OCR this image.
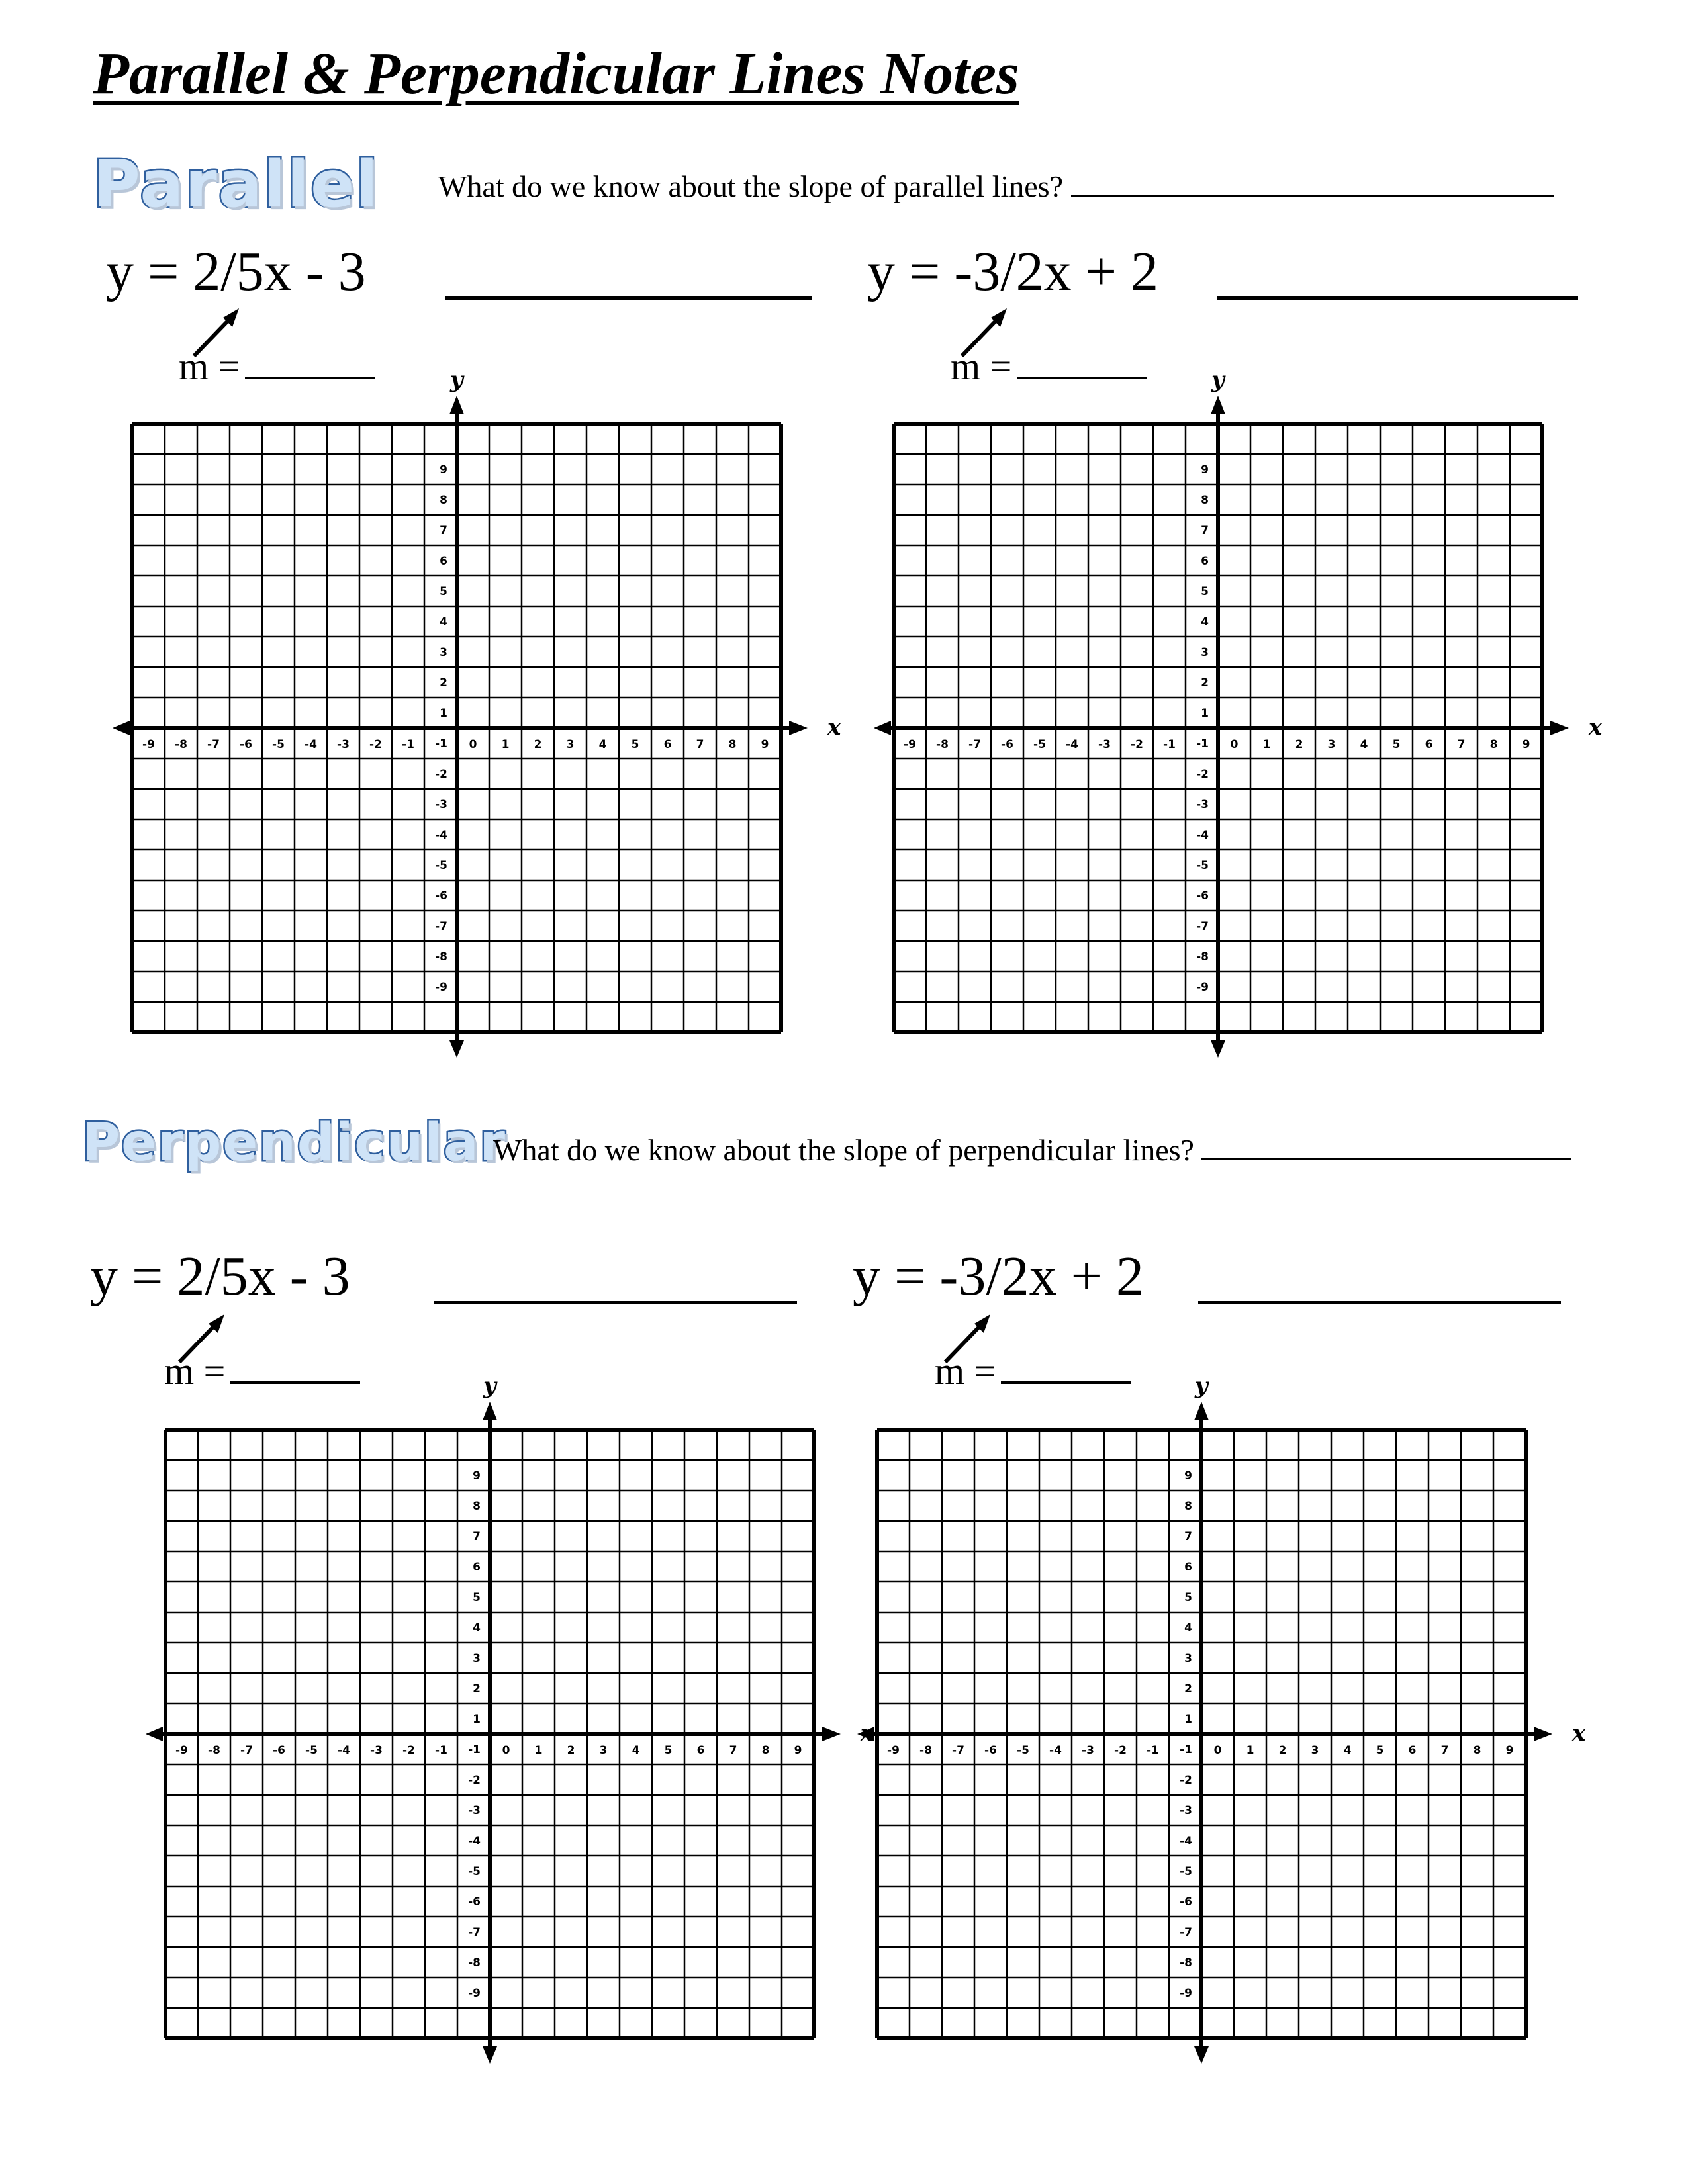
Parallel & Perpendicular Lines Notes
Parallel What do we know about the slope of parallel lines?
y = 2/5x - 3
m =
y = -3/2x + 2
m =
Perpendicular
What do we know about the slope of perpendicular lines?
y = 2/5x - 3
m =
y = -3/2x + 2
m =
-9 -8 -7 -6 -5 -4 -3 -2 -1	0 1 2 3 4 5 6 7 8 9
9
8
7
6
5
4
3
2
1
-1
-2
-3
-4
-5
-6
-7
-8
-9
x
y
-9 -8 -7 -6 -5 -4 -3 -2 -1	0 1 2 3 4 5 6 7 8 9
9
8
7
6
5
4
3
2
1
-1
-2
-3
-4
-5
-6
-7
-8
-9
x
y
-9 -8 -7 -6 -5 -4 -3 -2 -1	0 1 2 3 4 5 6 7 8 9
9
8
7
6
5
4
3
2
1
-1
-2
-3
-4
-5
-6
-7
-8
-9
y
-9 -8 -7 -6 -5 -4 -3 -2 -1	0 1 2 3 4 5 6 7 8 9
9
8
7
6
5
4
3
2
1
-1
-2
-3
-4
-5
-6
-7
-8
-9
x
y
